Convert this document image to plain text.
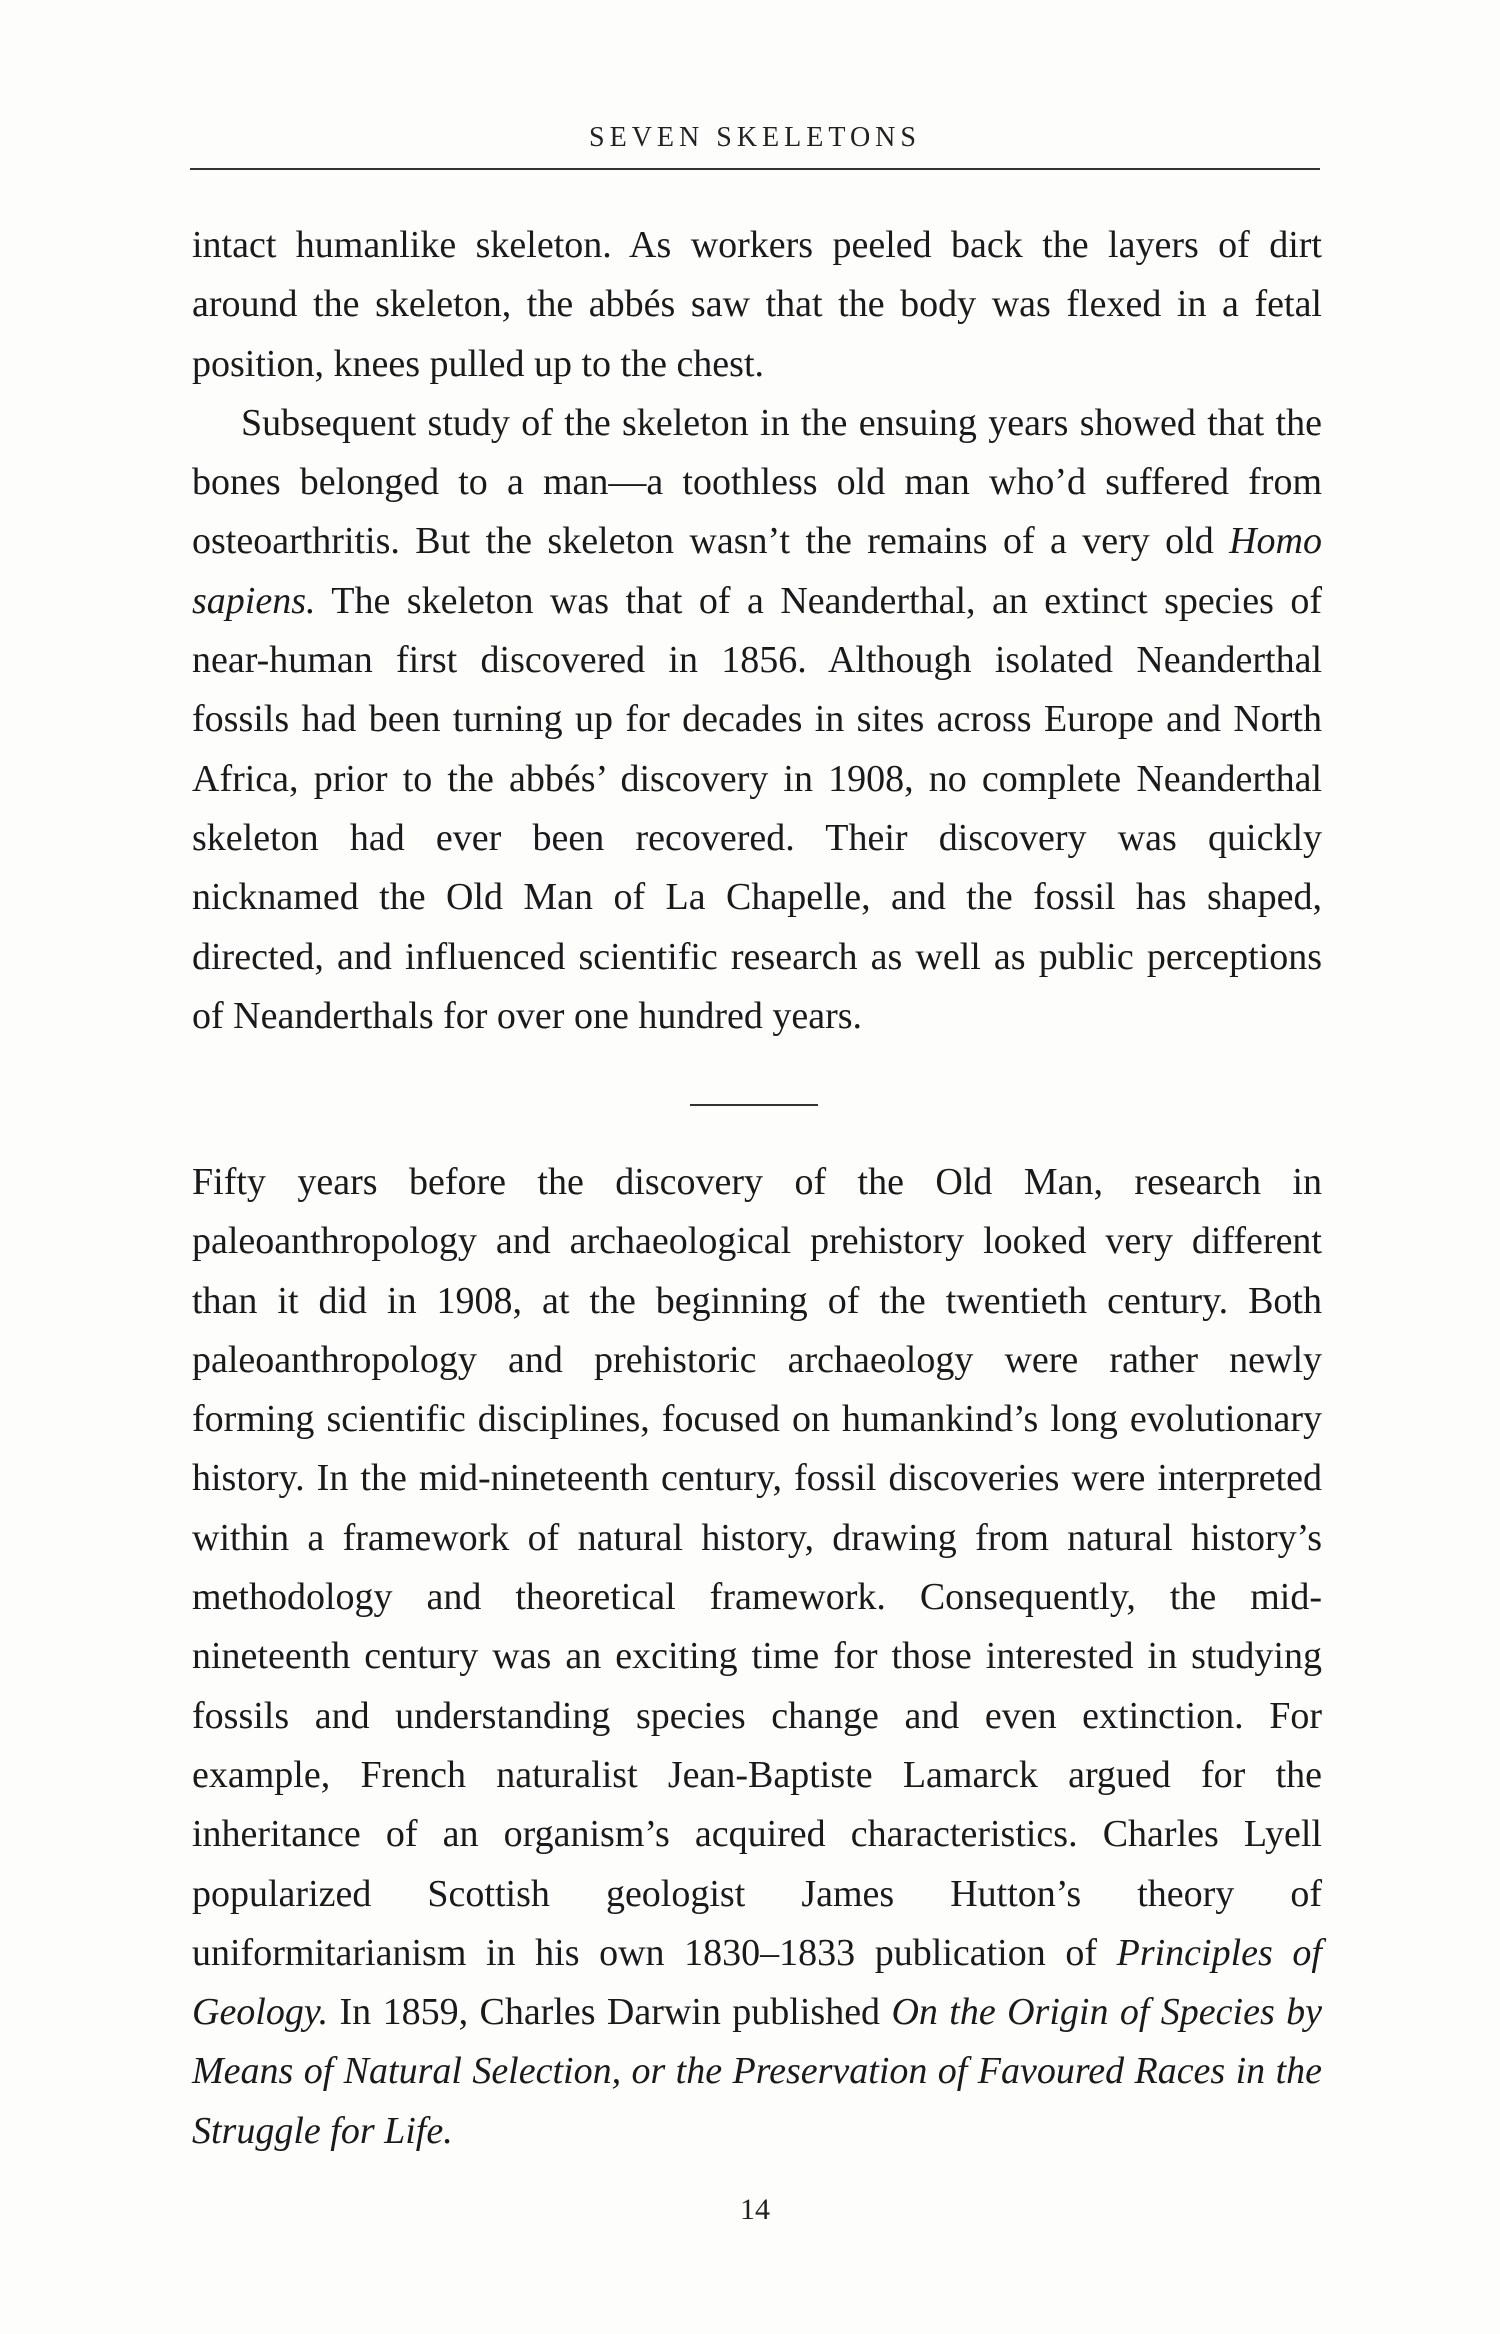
SEVEN SKELETONS

intact humanlike skeleton. As workers peeled back the layers of dirt around the skeleton, the abbés saw that the body was flexed in a fetal position, knees pulled up to the chest.

Subsequent study of the skeleton in the ensuing years showed that the bones belonged to a man—a toothless old man who’d suffered from osteoarthritis. But the skeleton wasn’t the remains of a very old Homo sapiens. The skeleton was that of a Neanderthal, an extinct species of near-human first discovered in 1856. Although isolated Neanderthal fossils had been turning up for decades in sites across Europe and North Africa, prior to the abbés’ discovery in 1908, no complete Neanderthal skeleton had ever been recovered. Their discovery was quickly nicknamed the Old Man of La Chapelle, and the fossil has shaped, directed, and influenced scientific research as well as public perceptions of Neanderthals for over one hundred years.

Fifty years before the discovery of the Old Man, research in paleoanthropology and archaeological prehistory looked very different than it did in 1908, at the beginning of the twentieth century. Both paleoanthropology and prehistoric archaeology were rather newly forming scientific disciplines, focused on humankind’s long evolutionary history. In the mid-nineteenth century, fossil discoveries were interpreted within a framework of natural history, drawing from natural history’s methodology and theoretical framework. Consequently, the mid-nineteenth century was an exciting time for those interested in studying fossils and understanding species change and even extinction. For example, French naturalist Jean-Baptiste Lamarck argued for the inheritance of an organism’s acquired characteristics. Charles Lyell popularized Scottish geologist James Hutton’s theory of uniformitarianism in his own 1830–1833 publication of Principles of Geology. In 1859, Charles Darwin published On the Origin of Species by Means of Natural Selection, or the Preservation of Favoured Races in the Struggle for Life.

14
